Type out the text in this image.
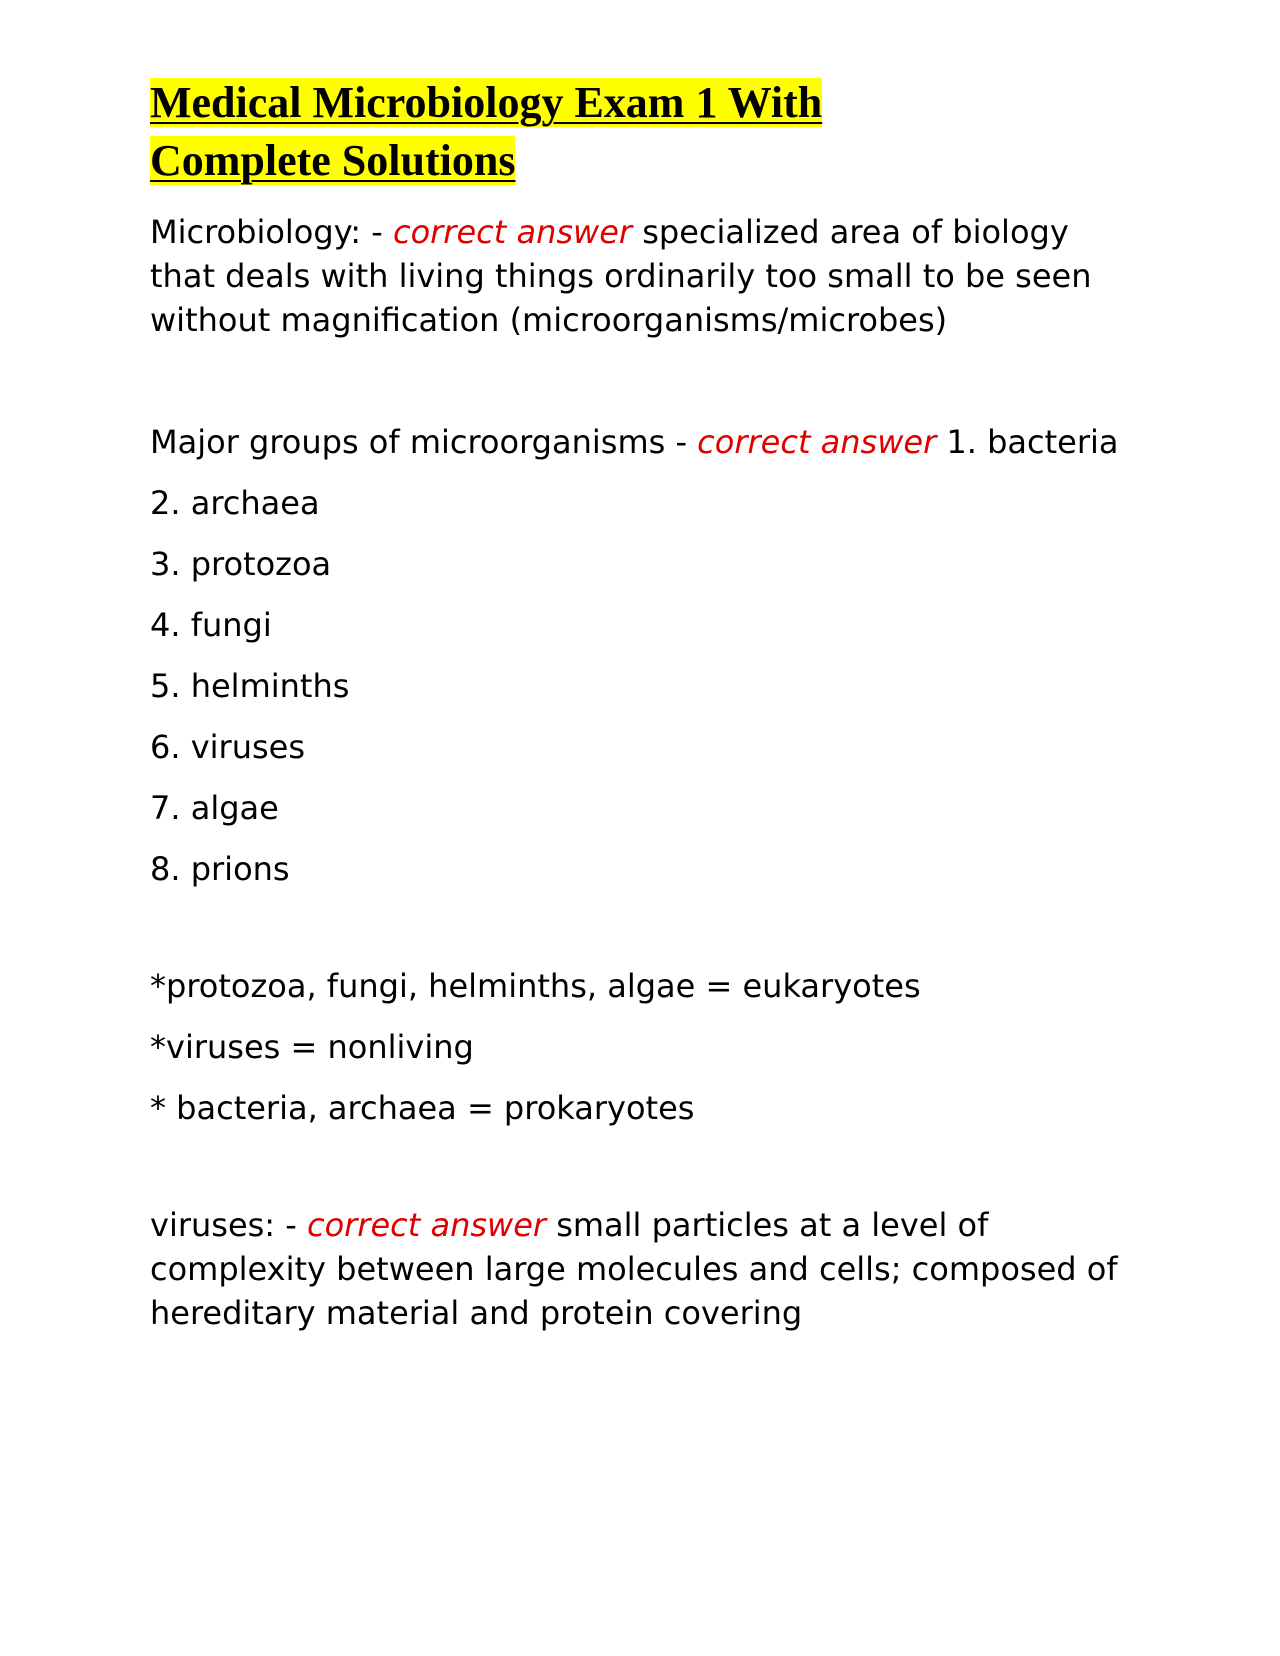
Medical Microbiology Exam 1 With
Complete Solutions

Microbiology: - correct answer specialized area of biology that deals with living things ordinarily too small to be seen without magnification (microorganisms/microbes)

Major groups of microorganisms - correct answer 1. bacteria

2. archaea

3. protozoa

4. fungi

5. helminths

6. viruses

7. algae

8. prions

*protozoa, fungi, helminths, algae = eukaryotes

*viruses = nonliving

* bacteria, archaea = prokaryotes

viruses: - correct answer small particles at a level of complexity between large molecules and cells; composed of hereditary material and protein covering
